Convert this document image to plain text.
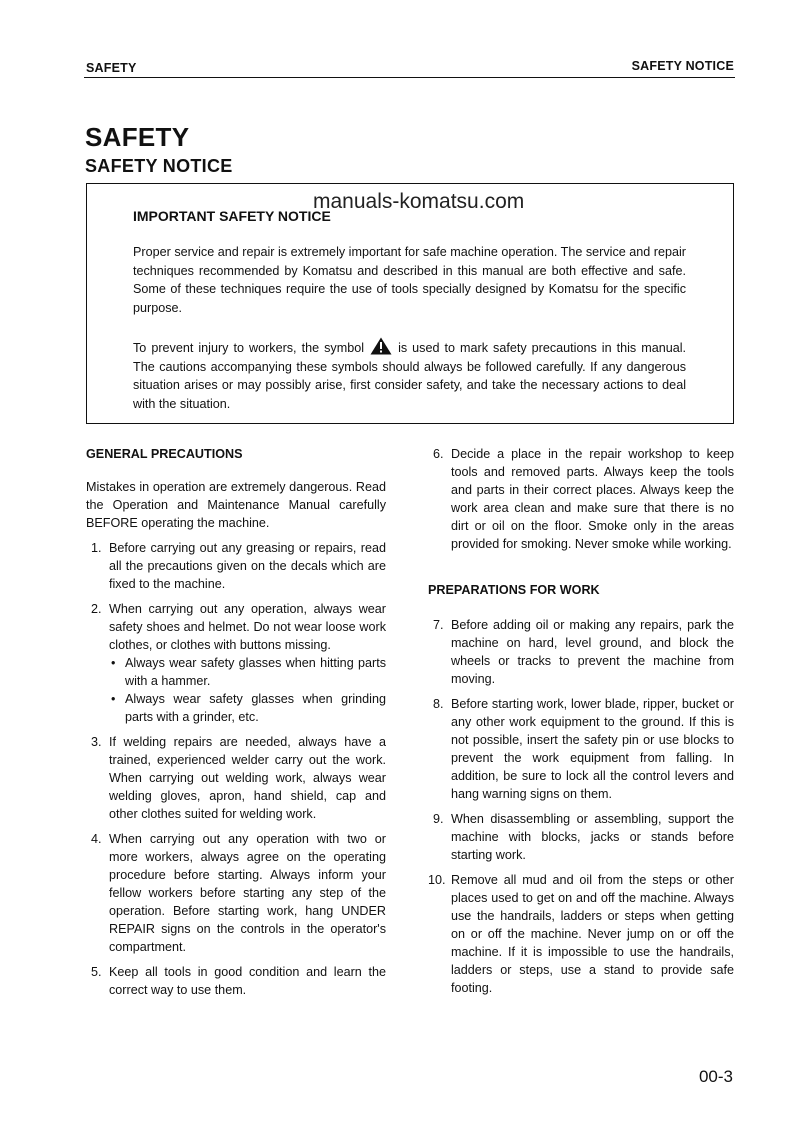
SAFETY	SAFETY NOTICE
SAFETY
SAFETY NOTICE
IMPORTANT SAFETY NOTICE
manuals-komatsu.com

Proper service and repair is extremely important for safe machine operation. The service and repair techniques recommended by Komatsu and described in this manual are both effective and safe. Some of these techniques require the use of tools specially designed by Komatsu for the specific purpose.

To prevent injury to workers, the symbol	is used to mark safety precautions in this manual. The cautions accompanying these symbols should always be followed carefully. If any dangerous situation arises or may possibly arise, first consider safety, and take the necessary actions to deal with the situation.

GENERAL PRECAUTIONS

Mistakes in operation are extremely dangerous. Read the Operation and Maintenance Manual carefully BEFORE operating the machine.

1. Before carrying out any greasing or repairs, read all the precautions given on the decals which are fixed to the machine.
2. When carrying out any operation, always wear safety shoes and helmet. Do not wear loose work clothes, or clothes with buttons missing.
• Always wear safety glasses when hitting parts with a hammer.
• Always wear safety glasses when grinding parts with a grinder, etc.
3. If welding repairs are needed, always have a trained, experienced welder carry out the work. When carrying out welding work, always wear welding gloves, apron, hand shield, cap and other clothes suited for welding work.
4. When carrying out any operation with two or more workers, always agree on the operating procedure before starting. Always inform your fellow workers before starting any step of the operation. Before starting work, hang UNDER REPAIR signs on the controls in the operator's compartment.
5. Keep all tools in good condition and learn the correct way to use them.
6. Decide a place in the repair workshop to keep tools and removed parts. Always keep the tools and parts in their correct places. Always keep the work area clean and make sure that there is no dirt or oil on the floor. Smoke only in the areas provided for smoking. Never smoke while working.

PREPARATIONS FOR WORK

7. Before adding oil or making any repairs, park the machine on hard, level ground, and block the wheels or tracks to prevent the machine from moving.
8. Before starting work, lower blade, ripper, bucket or any other work equipment to the ground. If this is not possible, insert the safety pin or use blocks to prevent the work equipment from falling. In addition, be sure to lock all the control levers and hang warning signs on them.
9. When disassembling or assembling, support the machine with blocks, jacks or stands before starting work.
10. Remove all mud and oil from the steps or other places used to get on and off the machine. Always use the handrails, ladders or steps when getting on or off the machine. Never jump on or off the machine. If it is impossible to use the handrails, ladders or steps, use a stand to provide safe footing.
00-3
